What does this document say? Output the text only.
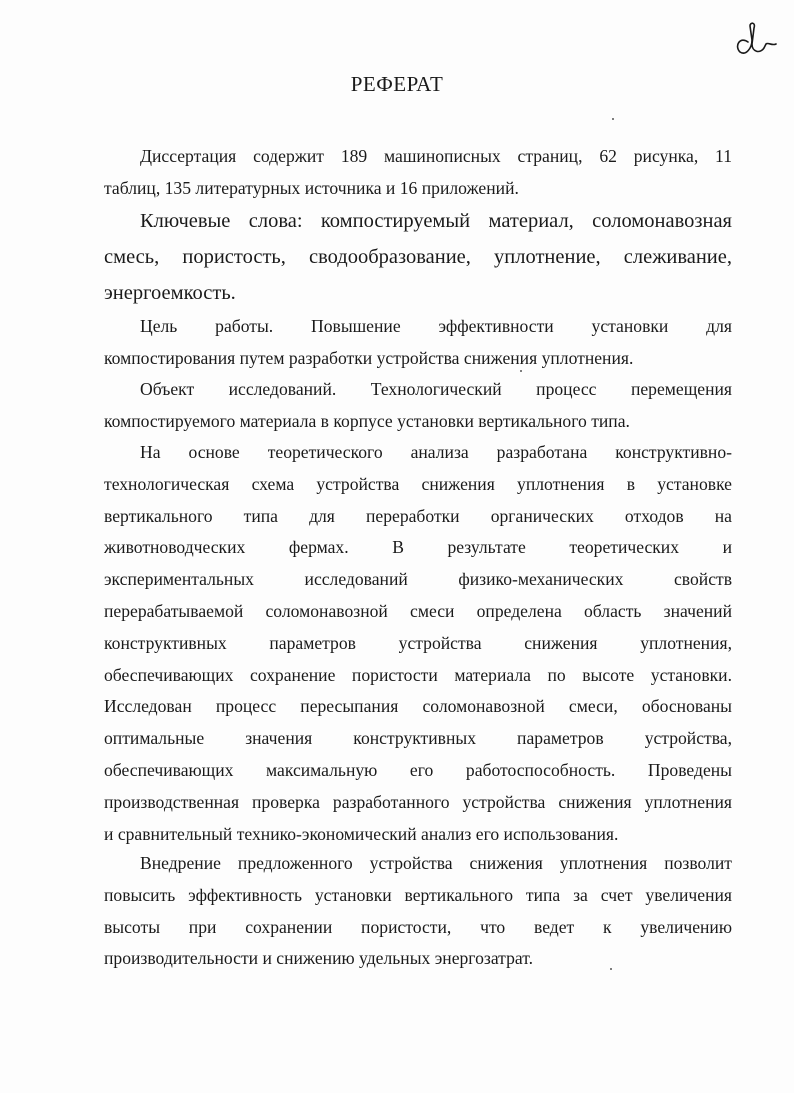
РЕФЕРАТ
Диссертация содержит 189 машинописных страниц, 62 рисунка, 11
таблиц, 135 литературных источника и 16 приложений.
Ключевые слова: компостируемый материал, соломонавозная
смесь, пористость, сводообразование, уплотнение, слеживание,
энергоемкость.
Цель работы. Повышение эффективности установки для
компостирования путем разработки устройства снижения уплотнения.
Объект исследований. Технологический процесс перемещения
компостируемого материала в корпусе установки вертикального типа.
На основе теоретического анализа разработана конструктивно-
технологическая схема устройства снижения уплотнения в установке
вертикального типа для переработки органических отходов на
животноводческих фермах. В результате теоретических и
экспериментальных исследований физико-механических свойств
перерабатываемой соломонавозной смеси определена область значений
конструктивных параметров устройства снижения уплотнения,
обеспечивающих сохранение пористости материала по высоте установки.
Исследован процесс пересыпания соломонавозной смеси, обоснованы
оптимальные значения конструктивных параметров устройства,
обеспечивающих максимальную его работоспособность. Проведены
производственная проверка разработанного устройства снижения уплотнения
и сравнительный технико-экономический анализ его использования.
Внедрение предложенного устройства снижения уплотнения позволит
повысить эффективность установки вертикального типа за счет увеличения
высоты при сохранении пористости, что ведет к увеличению
производительности и снижению удельных энергозатрат.
